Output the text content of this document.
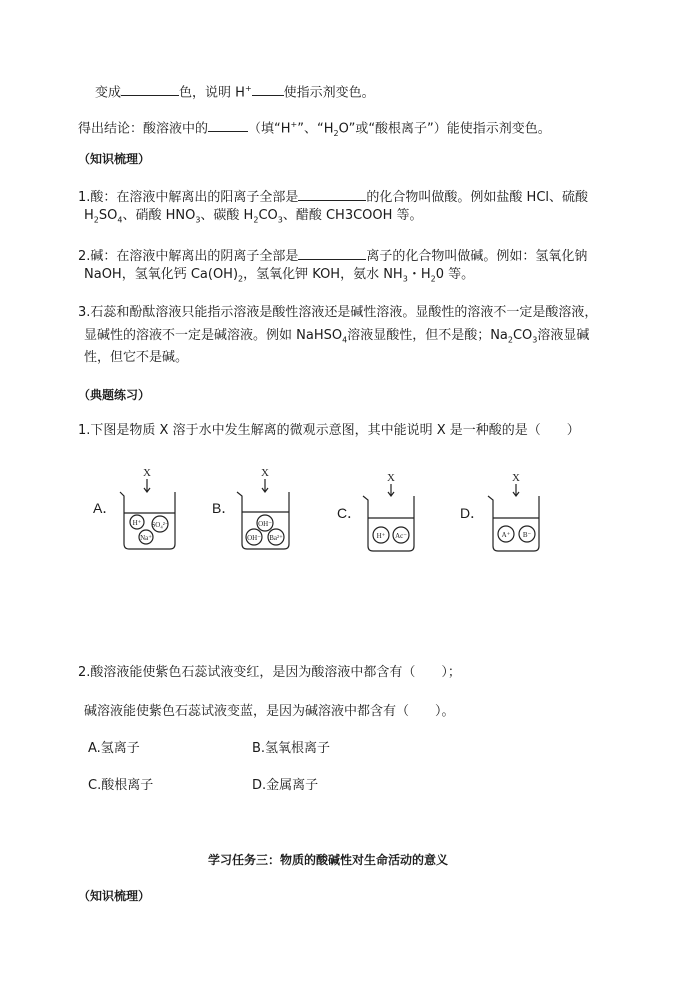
变成	色，说明 H+ 使指示剂变色。
得出结论：酸溶液中的	（填“H+”、“$H_2O$”或“酸根离子”）能使指示剂变色。
（知识梳理）
1.酸：在溶液中解离出的阳离子全部是	的化合物叫做酸。例如盐酸 HCl、硫酸
$H_2SO_4$、硝酸 $HNO_3$、碳酸 $H_2CO_3$、醋酸 CH3COOH 等。
2.碱：在溶液中解离出的阴离子全部是	离子的化合物叫做碱。例如：氢氧化钠
NaOH，氢氧化钙 $Ca(OH)_2$，氢氧化钾 KOH，氨水 $NH_3$・$H_20$ 等。
3.石蕊和酚酞溶液只能指示溶液是酸性溶液还是碱性溶液。显酸性的溶液不一定是酸溶液，
显碱性的溶液不一定是碱溶液。例如 NaHSO$_4$溶液显酸性，但不是酸；$Na_2CO_3$溶液显碱
性，但它不是碱。
（典题练习）
1.下图是物质 X 溶于水中发生解离的微观示意图，其中能说明 X 是一种酸的是（　　）
A．	B．	C．	D．
X	X	X	X
H⁺ SO₄²⁻
Na⁺
OH⁻
OH⁻ Ba²⁺	H⁺ Ac⁻	A⁺ B⁻
2.酸溶液能使紫色石蕊试液变红，是因为酸溶液中都含有（　　）；
碱溶液能使紫色石蕊试液变蓝，是因为碱溶液中都含有（　　）。
A.氢离子	B.氢氧根离子
C.酸根离子	D.金属离子
学习任务三：物质的酸碱性对生命活动的意义
（知识梳理）
